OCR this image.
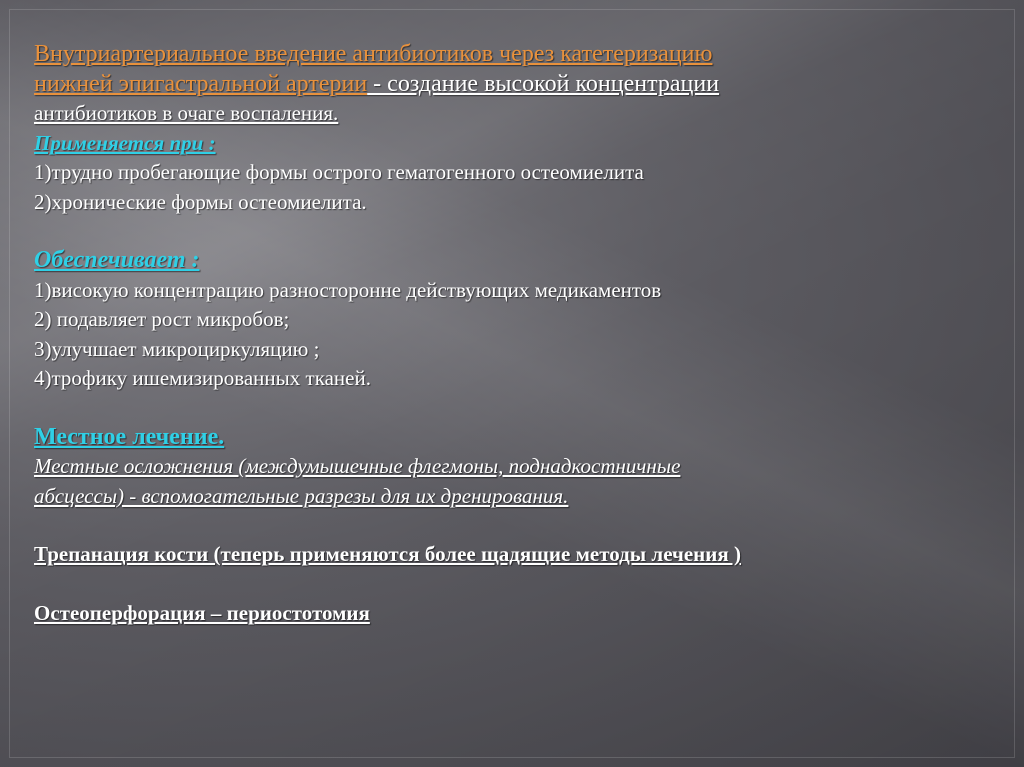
Внутриартериальное введение антибиотиков через катетеризацию
нижней эпигастральной артерии - создание высокой концентрации
антибиотиков в очаге воспаления.
Применяется при :
1)трудно пробегающие формы острого гематогенного остеомиелита
2)хронические формы остеомиелита.
Обеспечивает :
1)високую концентрацию разносторонне действующих медикаментов
2) подавляет рост микробов;
3)улучшает микроциркуляцию ;
4)трофику ишемизированных тканей.
Местное лечение.
Местные осложнения (междумышечные флегмоны, поднадкостничные
абсцессы) - вспомогательные разрезы для их дренирования.
Трепанация кости (теперь применяются более щадящие методы лечения )
Остеоперфорация – периостотомия
